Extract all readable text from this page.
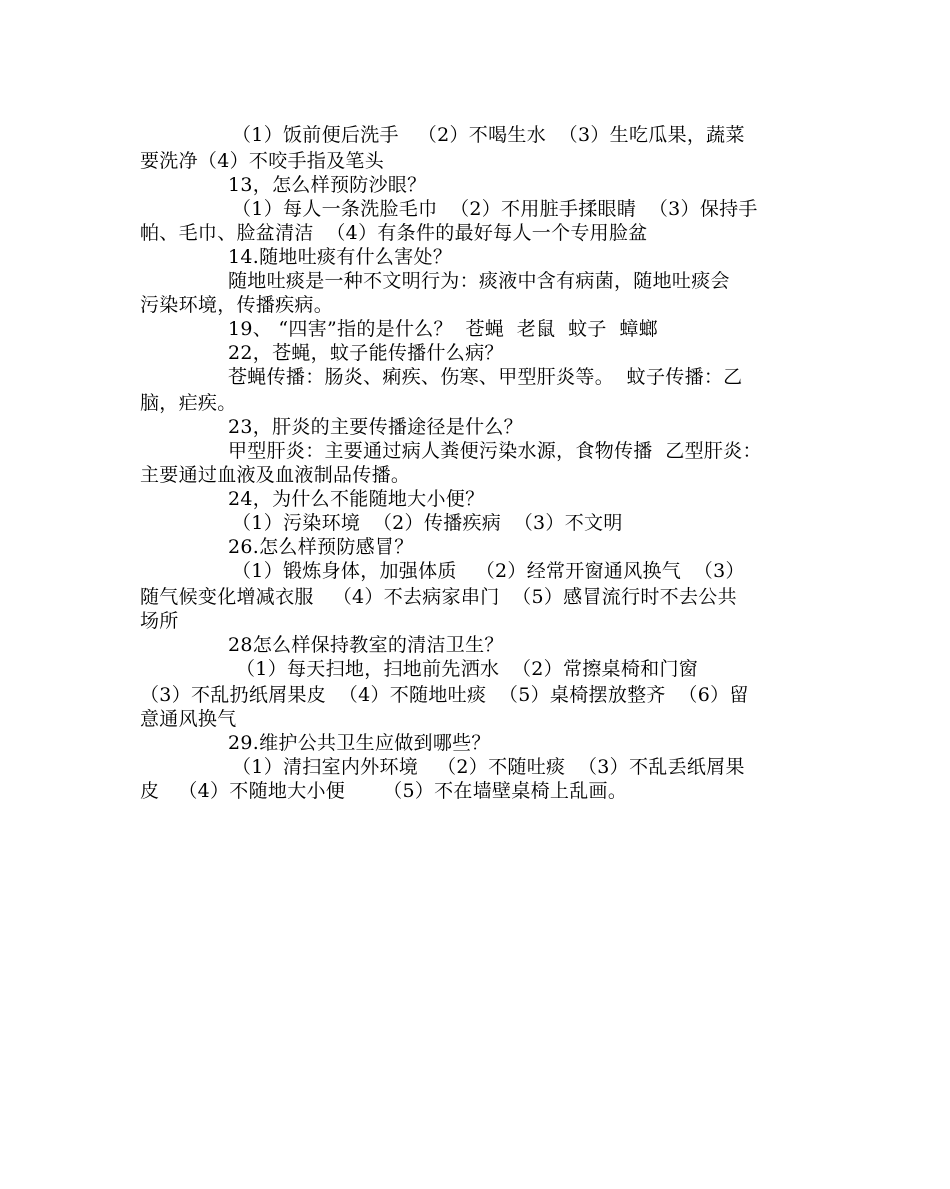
（1）饭前便后洗手   （2）不喝生水  （3）生吃瓜果，蔬菜
要洗净（4）不咬手指及笔头
13，怎么样预防沙眼？
（1）每人一条洗脸毛巾  （2）不用脏手揉眼睛  （3）保持手
帕、毛巾、脸盆清洁  （4）有条件的最好每人一个专用脸盆
14.随地吐痰有什么害处？
随地吐痰是一种不文明行为：痰液中含有病菌，随地吐痰会
污染环境，传播疾病。
19、 “四害”指的是什么？  苍蝇  老鼠  蚊子  蟑螂
22，苍蝇，蚊子能传播什么病？
苍蝇传播：肠炎、痢疾、伤寒、甲型肝炎等。  蚊子传播：乙
脑，疟疾。
23，肝炎的主要传播途径是什么？
甲型肝炎：主要通过病人粪便污染水源，食物传播  乙型肝炎：
主要通过血液及血液制品传播。
24，为什么不能随地大小便？
（1）污染环境  （2）传播疾病  （3）不文明
26.怎么样预防感冒？
（1）锻炼身体，加强体质   （2）经常开窗通风换气  （3）
随气候变化增减衣服   （4）不去病家串门  （5）感冒流行时不去公共
场所
28怎么样保持教室的清洁卫生？
（1）每天扫地，扫地前先洒水  （2）常擦桌椅和门窗
（3）不乱扔纸屑果皮  （4）不随地吐痰  （5）桌椅摆放整齐  （6）留
意通风换气
29.维护公共卫生应做到哪些？
（1）清扫室内外环境   （2）不随吐痰  （3）不乱丢纸屑果
皮   （4）不随地大小便      （5）不在墙壁桌椅上乱画。
